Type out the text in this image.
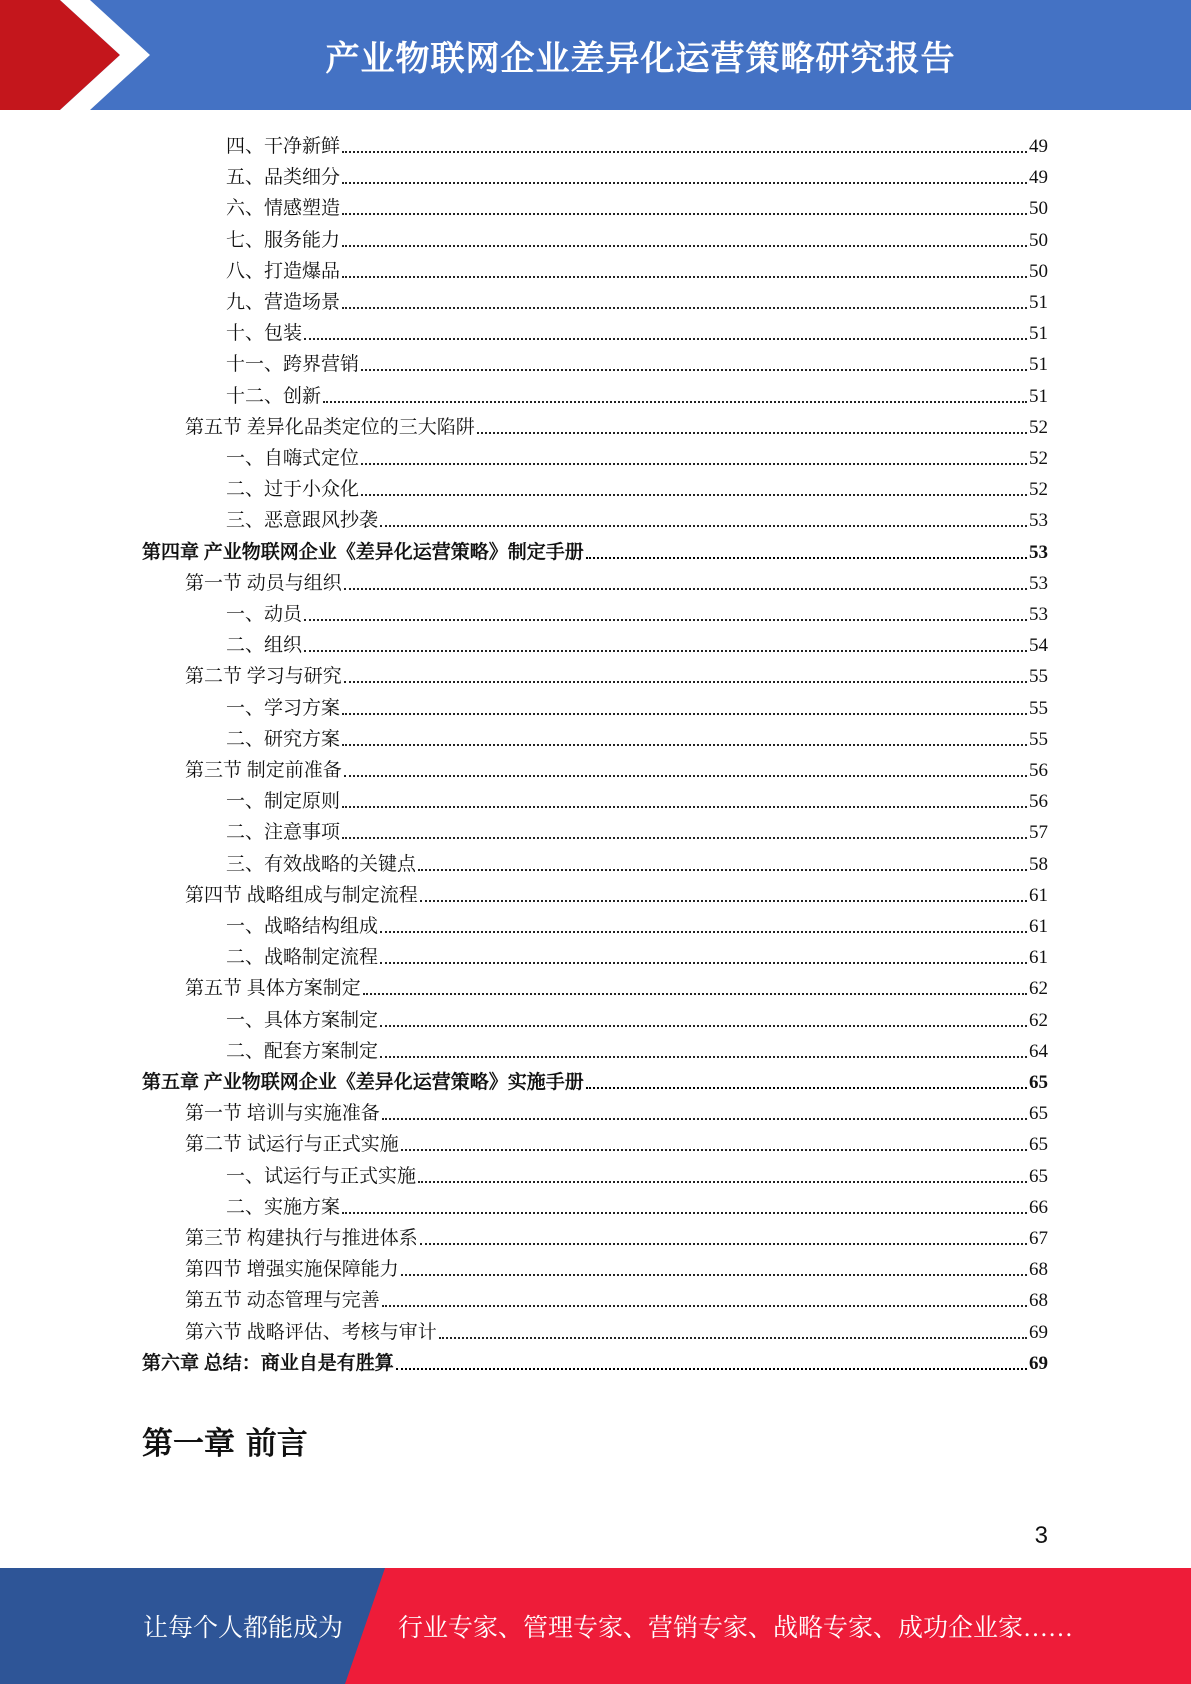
产业物联网企业差异化运营策略研究报告
四、干净新鲜	49
五、品类细分	49
六、情感塑造	50
七、服务能力	50
八、打造爆品	50
九、营造场景	51
十、包装	51
十一、跨界营销	51
十二、创新	51
第五节 差异化品类定位的三大陷阱	52
一、自嗨式定位	52
二、过于小众化	52
三、恶意跟风抄袭	53
第四章 产业物联网企业《差异化运营策略》制定手册	53
第一节 动员与组织	53
一、动员	53
二、组织	54
第二节 学习与研究	55
一、学习方案	55
二、研究方案	55
第三节 制定前准备	56
一、制定原则	56
二、注意事项	57
三、有效战略的关键点	58
第四节 战略组成与制定流程	61
一、战略结构组成	61
二、战略制定流程	61
第五节 具体方案制定	62
一、具体方案制定	62
二、配套方案制定	64
第五章 产业物联网企业《差异化运营策略》实施手册	65
第一节 培训与实施准备	65
第二节 试运行与正式实施	65
一、试运行与正式实施	65
二、实施方案	66
第三节 构建执行与推进体系	67
第四节 增强实施保障能力	68
第五节 动态管理与完善	68
第六节 战略评估、考核与审计	69
第六章 总结：商业自是有胜算	69
第一章 前言
3
让每个人都能成为 行业专家、管理专家、营销专家、战略专家、成功企业家……
